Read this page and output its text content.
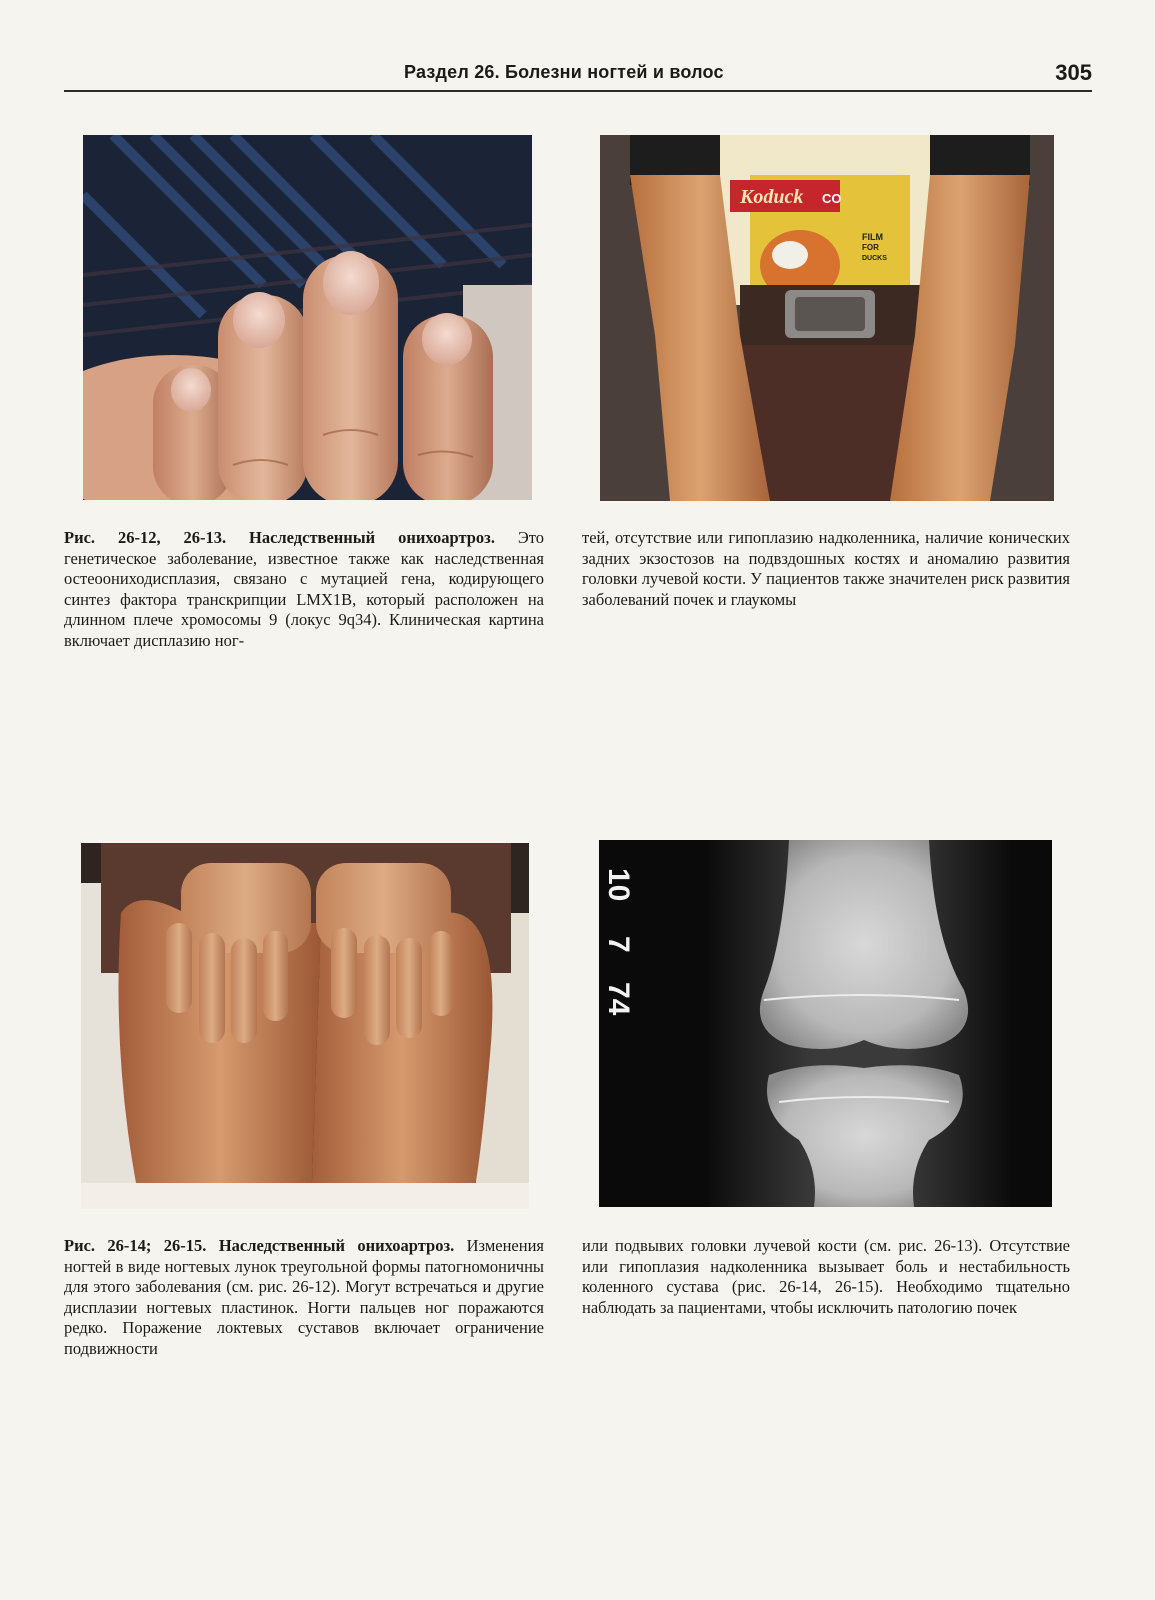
Раздел 26. Болезни ногтей и волос	305
Koduck CO
FILM
FOR
DUCKS
Рис. 26-12, 26-13. Наследственный онихоартроз. Это генетическое заболевание, известное также как наследственная остеоониходисплазия, связано с мутацией гена, кодирующего синтез фактора транскрипции LMX1B, который расположен на длинном плече хромосомы 9 (локус 9q34). Клиническая картина включает дисплазию ног-
тей, отсутствие или гипоплазию надколенника, наличие конических задних экзостозов на подвздошных костях и аномалию развития головки лучевой кости. У пациентов также значителен риск развития заболеваний почек и глаукомы
10
7
74
Рис. 26-14; 26-15. Наследственный онихоартроз. Изменения ногтей в виде ногтевых лунок треугольной формы патогномоничны для этого заболевания (см. рис. 26-12). Могут встречаться и другие дисплазии ногтевых пластинок. Ногти пальцев ног поражаются редко. Поражение локтевых суставов включает ограничение подвижности
или подвывих головки лучевой кости (см. рис. 26-13). Отсутствие или гипоплазия надколенника вызывает боль и нестабильность коленного сустава (рис. 26-14, 26-15). Необходимо тщательно наблюдать за пациентами, чтобы исключить патологию почек
